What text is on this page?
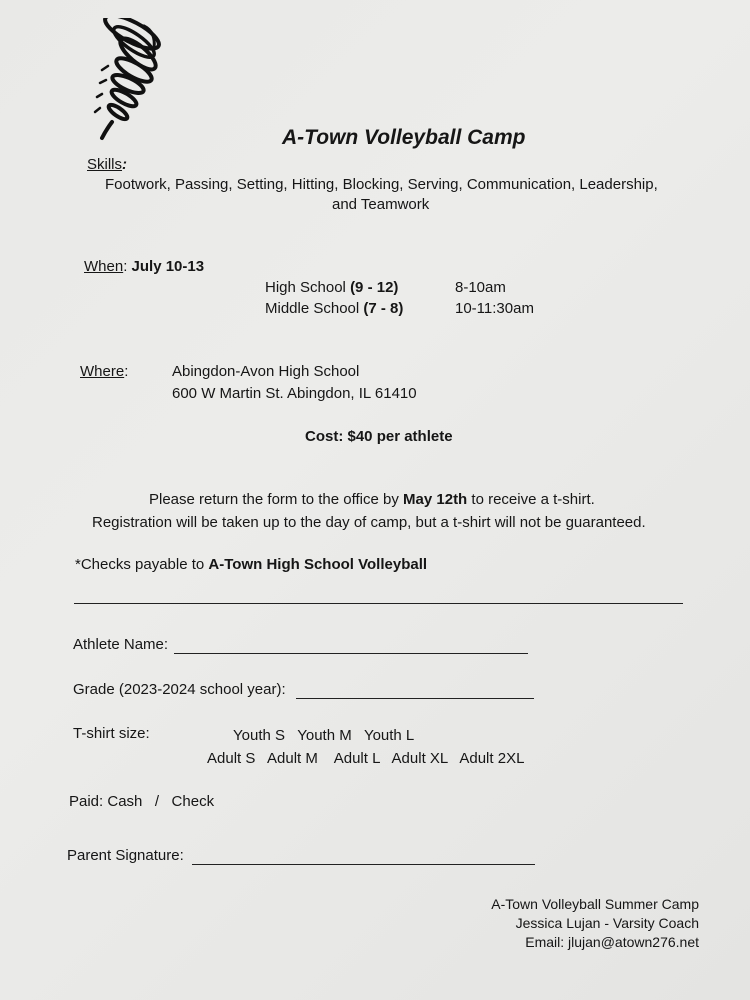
A-Town Volleyball Camp
Skills:
Footwork, Passing, Setting, Hitting, Blocking, Serving, Communication, Leadership,
and Teamwork
When: July 10-13
High School (9 - 12)	8-10am
Middle School (7 - 8)	10-11:30am
Where:	Abingdon-Avon High School
600 W Martin St. Abingdon, IL 61410
Cost: $40 per athlete
Please return the form to the office by May 12th to receive a t-shirt.
Registration will be taken up to the day of camp, but a t-shirt will not be guaranteed.
*Checks payable to A-Town High School Volleyball
Athlete Name:
Grade (2023-2024 school year):
T-shirt size:	Youth S   Youth M   Youth L
Adult S   Adult M    Adult L   Adult XL   Adult 2XL
Paid: Cash   /   Check
Parent Signature:
A-Town Volleyball Summer Camp
Jessica Lujan - Varsity Coach
Email: jlujan@atown276.net
